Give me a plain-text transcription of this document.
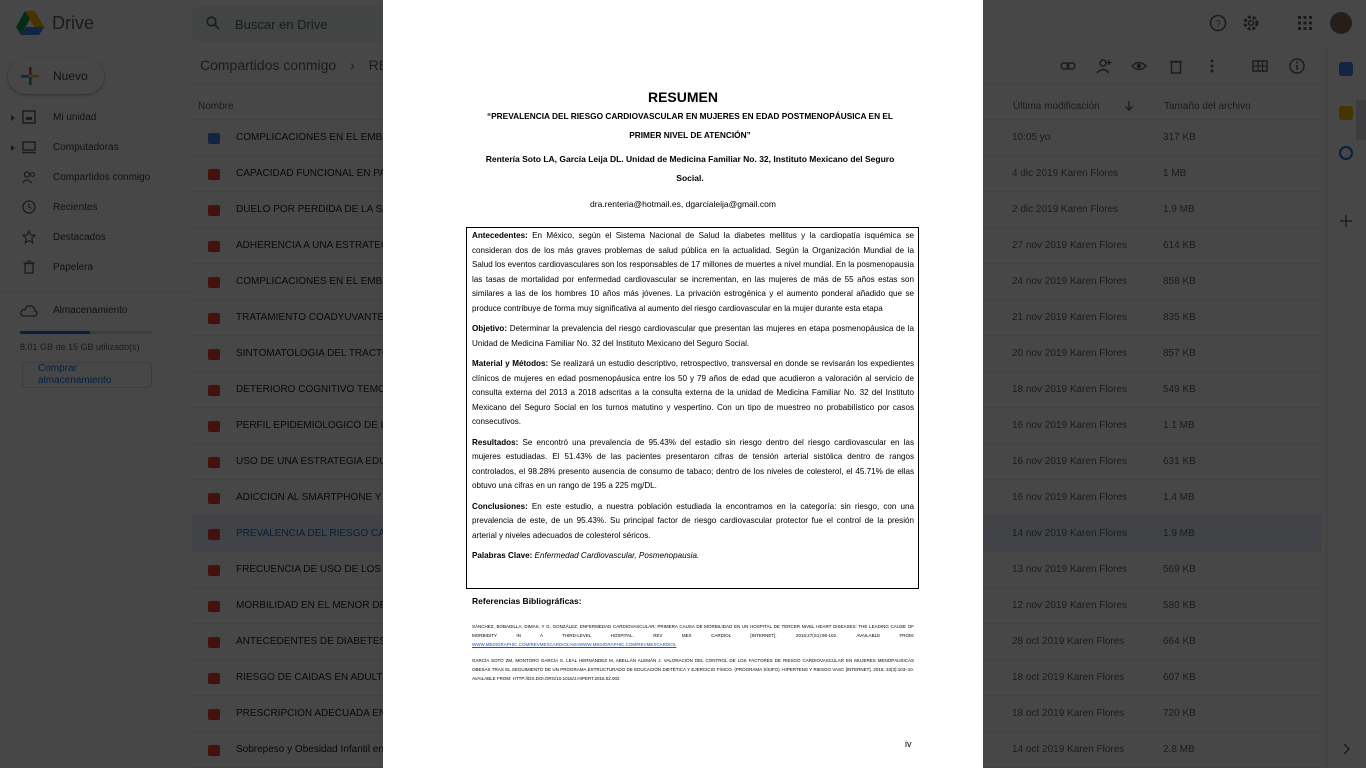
RESUMEN
“PREVALENCIA DEL RIESGO CARDIOVASCULAR EN MUJERES EN EDAD POSTMENOPÁUSICA EN EL PRIMER NIVEL DE ATENCIÓN”
Rentería Soto LA, García Leija DL. Unidad de Medicina Familiar No. 32, Instituto Mexicano del Seguro Social.
dra.renteria@hotmail.es, dgarcialeija@gmail.com

Antecedentes: En México, según el Sistema Nacional de Salud la diabetes mellitus y la cardiopatía isquémica se consideran dos de los más graves problemas de salud pública en la actualidad. Según la Organización Mundial de la Salud los eventos cardiovasculares son los responsables de 17 millones de muertes a nivel mundial. En la posmenopausia las tasas de mortalidad por enfermedad cardiovascular se incrementan, en las mujeres de más de 55 años estas son similares a las de los hombres 10 años más jóvenes. La privación estrogénica y el aumento ponderal añadido que se produce contribuye de forma muy significativa al aumento del riesgo cardiovascular en la mujer durante esta etapa

Objetivo: Determinar la prevalencia del riesgo cardiovascular que presentan las mujeres en etapa posmenopáusica de la Unidad de Medicina Familiar No. 32 del Instituto Mexicano del Seguro Social.

Material y Métodos: Se realizará un estudio descriptivo, retrospectivo, transversal en donde se revisarán los expedientes clínicos de mujeres en edad posmenopáusica entre los 50 y 79 años de edad que acudieron a valoración al servicio de consulta externa del 2013 a 2018 adscritas a la consulta externa de la unidad de Medicina Familiar No. 32 del Instituto Mexicano del Seguro Social en los turnos matutino y vespertino. Con un tipo de muestreo no probabilístico por casos consecutivos.

Resultados: Se encontró una prevalencia de 95.43% del estadio sin riesgo dentro del riesgo cardiovascular en las mujeres estudiadas. El 51.43% de las pacientes presentaron cifras de tensión arterial sistólica dentro de rangos controlados, el 98.28% presento ausencia de consumo de tabaco; dentro de los niveles de colesterol, el 45.71% de ellas obtuvo una cifras en un rango de 195 a 225 mg/DL.

Conclusiones: En este estudio, a nuestra población estudiada la encontramos en la categoría: sin riesgo, con una prevalencia de este, de un 95.43%. Su principal factor de riesgo cardiovascular protector fue el control de la presión arterial y niveles adecuados de colesterol séricos.

Palabras Clave: Enfermedad Cardiovascular, Posmenopausia.

Referencias Bibliográficas:
SÁNCHEZ, BOBADILLA, DIMAS, Y G, GONZÁLEZ. ENFERMEDAD CARDIOVASCULAR: PRIMERA CAUSA DE MORBILIDAD EN UN HOSPITAL DE TERCER NIVEL HEART DISEASES: THE LEADING CAUSE OF MORBIDITY IN A THIRD-LEVEL HOSPITAL. REV MEX CARDIOL [INTERNET]. 2016;27(S1):98-102. AVAILABLE FROM: WWW.MEDIGRAPHIC.COM/REVMEXCARDIOL%0AWWW.MEDIGRAPHIC.COM/REVMEXCARDIOL
GARCÍA SOTO ZM, MONTORO GARCÍA S, LEAL HERNÁNDEZ M, ABELLÁN ALEMÁN J. VALORACIÓN DEL CONTROL DE LOS FACTORES DE RIESGO CARDIOVASCULAR EN MUJERES MENOPÁUSICAS OBESAS TRAS EL SEGUIMIENTO DE UN PROGRAMA ESTRUCTURADO DE EDUCACIÓN DIETÉTICA Y EJERCICIO FÍSICO. (PROGRAMA SÍSIFO). HIPERTENS Y RIESGO VASC [INTERNET]. 2016; 33(3):103–10. AVAILABLE FROM: HTTP://DX.DOI.ORG/10.1016/J.HIPERT.2016.02.002
iv
